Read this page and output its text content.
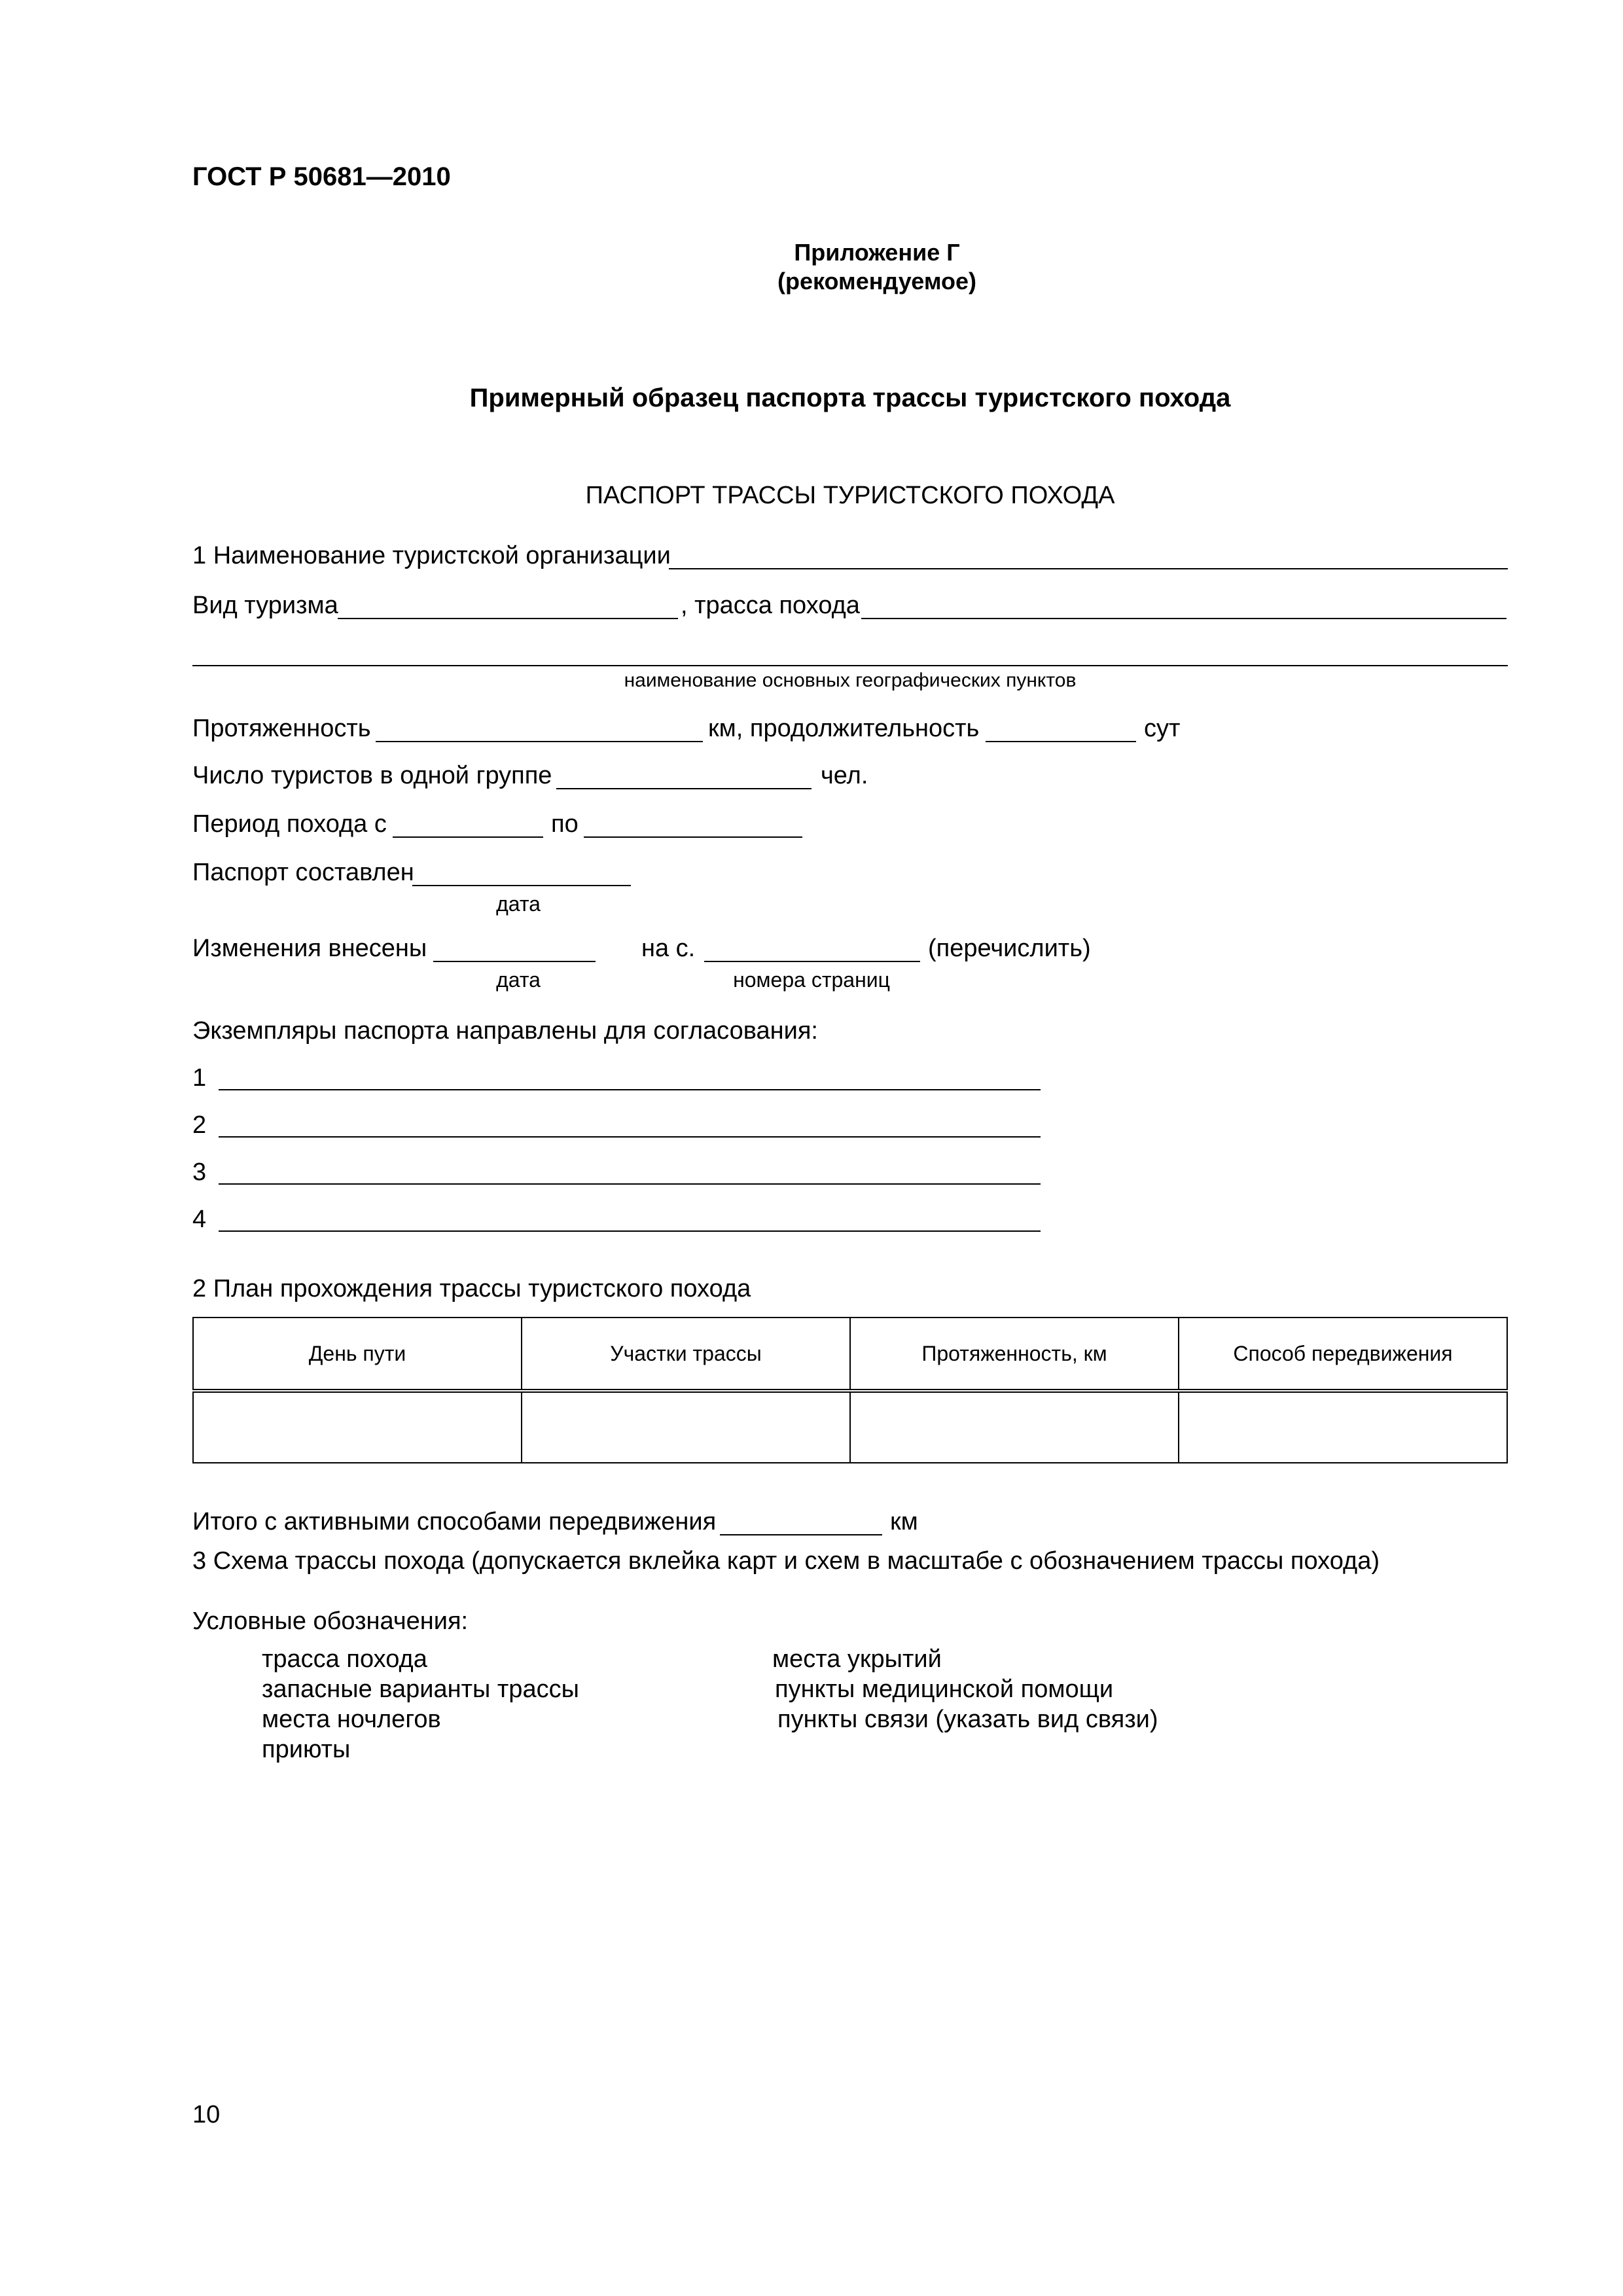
ГОСТ Р 50681—2010
Приложение Г
(рекомендуемое)
Примерный образец паспорта трассы туристского похода
ПАСПОРТ ТРАССЫ ТУРИСТСКОГО ПОХОДА
1 Наименование туристской организации
Вид туризма	, трасса похода
наименование основных географических пунктов
Протяженность	км, продолжительность	сут
Число туристов в одной группе	чел.
Период похода с	по
Паспорт составлен
дата
Изменения внесены	на с.	(перечислить)
дата	номера страниц
Экземпляры паспорта направлены для согласования:
1
2
3
4
2 План прохождения трассы туристского похода
День пути	Участки трассы	Протяженность, км	Способ передвижения

Итого с активными способами передвижения	км
3 Схема трассы похода (допускается вклейка карт и схем в масштабе с обозначением трассы похода)
Условные обозначения:
трасса похода
запасные варианты трассы
места ночлегов
приюты
места укрытий
пункты медицинской помощи
пункты связи (указать вид связи)
10
